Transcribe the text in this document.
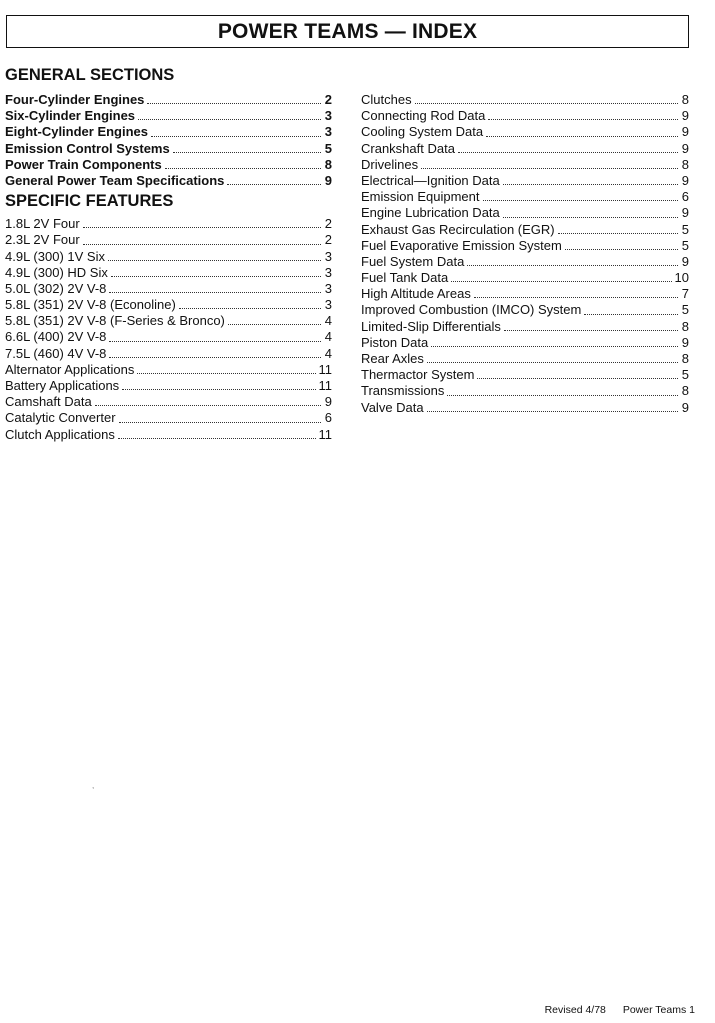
POWER TEAMS — INDEX
GENERAL SECTIONS
Four-Cylinder Engines	2
Six-Cylinder Engines	3
Eight-Cylinder Engines	3
Emission Control Systems	5
Power Train Components	8
General Power Team Specifications	9
SPECIFIC FEATURES
1.8L 2V Four	2
2.3L 2V Four	2
4.9L (300) 1V Six	3
4.9L (300) HD Six	3
5.0L (302) 2V V-8	3
5.8L (351) 2V V-8 (Econoline)	3
5.8L (351) 2V V-8 (F-Series & Bronco)	4
6.6L (400) 2V V-8	4
7.5L (460) 4V V-8	4
Alternator Applications	11
Battery Applications	11
Camshaft Data	9
Catalytic Converter	6
Clutch Applications	11
Clutches	8
Connecting Rod Data	9
Cooling System Data	9
Crankshaft Data	9
Drivelines	8
Electrical—Ignition Data	9
Emission Equipment	6
Engine Lubrication Data	9
Exhaust Gas Recirculation (EGR)	5
Fuel Evaporative Emission System	5
Fuel System Data	9
Fuel Tank Data	10
High Altitude Areas	7
Improved Combustion (IMCO) System	5
Limited-Slip Differentials	8
Piston Data	9
Rear Axles	8
Thermactor System	5
Transmissions	8
Valve Data	9
,
Revised 4/78 Power Teams 1
